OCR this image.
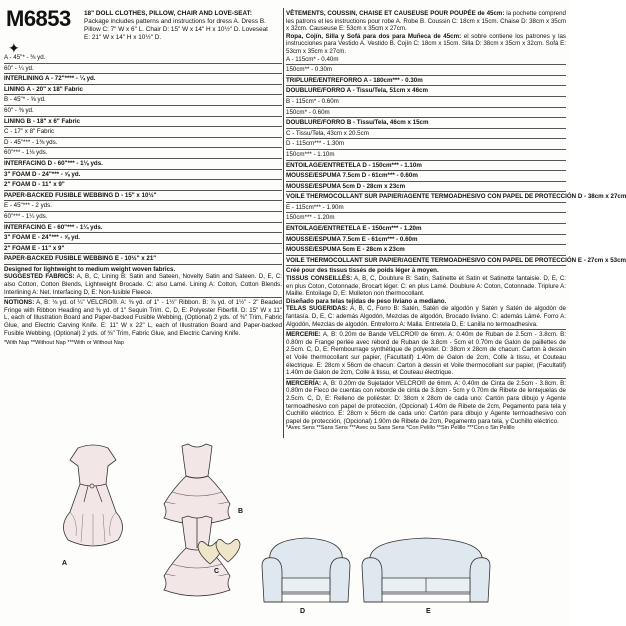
M6853
✦
18" DOLL CLOTHES, PILLOW, CHAIR AND LOVE-SEAT: Package includes patterns and instructions for dress A. Dress B. Pillow C: 7" W x 6" L. Chair D: 15" W x 14" H x 10½" D. Loveseat E: 21" W x 14" H x 10½" D.
A - 45"* - ⅜ yd.
60" - ¼ yd.
INTERLINING A - 72"**** - ¼ yd.
LINING A - 20" x 18" Fabric
B - 45"* - ⅝ yd.
60" - ⅜ yd.
LINING B - 18" x 6" Fabric
C - 17" x 8" Fabric
D - 45"*** - 1⅜ yds.
60"*** - 1⅛ yds.
INTERFACING D - 60"*** - 1⅛ yds.
3" FOAM D - 24"*** - ⅝ yd.
2" FOAM D - 11" x 9"
PAPER-BACKED FUSIBLE WEBBING D - 15" x 10½"
E - 45"*** - 2 yds.
60"*** - 1¼ yds.
INTERFACING E - 60"*** - 1¼ yds.
3" FOAM E - 24"*** - ⅝ yd.
2" FOAM E - 11" x 9"
PAPER-BACKED FUSIBLE WEBBING E - 10½" x 21"

Designed for lightweight to medium weight woven fabrics.

SUGGESTED FABRICS: A, B, C, Lining B: Satin and Sateen, Novelty Satin and Sateen. D, E, C: also Cotton, Cotton Blends, Lightweight Brocade. C: also Lamé. Lining A: Cotton, Cotton Blends. Interlining A: Net. Interfacing D, E: Non-fusible Fleece.

NOTIONS: A, B: ⅛ yd. of ¼" VELCRO®. A: ⅜ yd. of 1" - 1½" Ribbon. B: ⅞ yd. of 1½" - 2" Beaded Fringe with Ribbon Heading and ⅜ yd. of 1" Sequin Trim. C, D, E: Polyester Fiberfill. D: 15" W x 11" L, each of Illustration Board and Paper-backed Fusible Webbing, (Optional) 2 yds. of ⅜" Trim, Fabric Glue, and Electric Carving Knife. E: 11" W x 22" L, each of Illustration Board and Paper-backed Fusible Webbing, (Optional) 2 yds. of ⅜" Trim, Fabric Glue, and Electric Carving Knife.

*With Nap **Without Nap ***With or Without Nap

VÊTEMENTS, COUSSIN, CHAISE ET CAUSEUSE POUR POUPÉE de 45cm: la pochette comprend les patrons et les instructions pour robe A. Robe B. Coussin C: 18cm x 15cm. Chaise D: 38cm x 35cm x 32cm. Causeuse E: 53cm x 35cm x 27cm.

Ropa, Cojín, Silla y Sofá para dos para Muñeca de 45cm: el sobre contiene los patrones y las instrucciones para Vestido A. Vestido B. Cojín C: 18cm x 15cm. Silla D: 38cm x 35cm x 32cm. Sofá E: 53cm x 35cm x 27cm.

A - 115cm* - 0.40m
150cm** - 0.30m
TRIPLURE/ENTREFORRO A - 180cm*** - 0.30m
DOUBLURE/FORRO A - Tissu/Tela, 51cm x 46cm
B - 115cm* - 0.60m
150cm* - 0.60m
DOUBLURE/FORRO B - Tissu/Tela, 46cm x 15cm
C - Tissu/Tela, 43cm x 20.5cm
D - 115cm*** - 1.30m
150cm*** - 1.10m
ENTOILAGE/ENTRETELA D - 150cm*** - 1.10m
MOUSSE/ESPUMA 7.5cm D - 61cm*** - 0.60m
MOUSSE/ESPUMA 5cm D - 28cm x 23cm
VOILE THERMOCOLLANT SUR PAPIER/AGENTE TERMOADHESIVO CON PAPEL DE PROTECCIÓN D - 38cm x 27cm
E - 115cm*** - 1.90m
150cm*** - 1.20m
ENTOILAGE/ENTRETELA E - 150cm*** - 1.20m
MOUSSE/ESPUMA 7.5cm E - 61cm*** - 0.60m
MOUSSE/ESPUMA 5cm E - 28cm x 23cm
VOILE THERMOCOLLANT SUR PAPIER/AGENTE TERMOADHESIVO CON PAPEL DE PROTECCIÓN E - 27cm x 53cm

Créé pour des tissus tissés de poids léger à moyen.

TISSUS CONSEILLÉS: A, B, C, Doublure B: Satin, Satinette et Satin et Satinette fantaisie. D, E, C: en plus Coton, Cotonnade, Brocart léger. C: en plus Lamé. Doublure A: Coton, Cotonnade. Triplure A: Maille. Entoilage D, E: Molleton non thermocollant.

Diseñado para telas tejidas de peso liviano a mediano.

TELAS SUGERIDAS: A, B, C, Forro B: Satén, Satén de algodón y Satén y Satén de algodón de fantasía. D, E, C: además Algodón, Mezclas de algodón, Brocado liviano. C: además Lámé. Forro A: Algodón, Mezclas de algodón. Entreforro A: Malla. Entretela D, E: Lanilla no termoadhesiva.

MERCERIE: A, B: 0.20m de Bande VELCRO® de 6mm. A: 0.40m de Ruban de 2.5cm - 3.8cm. B: 0.80m de Frange perlée avec rebord de Ruban de 3.8cm - 5cm et 0.70m de Galon de paillettes de 2.5cm. C, D, E: Rembourrage synthétique de polyester. D: 38cm x 28cm de chacun: Carton à dessin et Voile thermocollant sur papier, (Facultatif) 1.40m de Galon de 2cm, Colle à tissu, et Couteau électrique. E: 28cm x 56cm de chacun: Carton à dessin et Voile thermocollant sur papier, (Facultatif) 1.40m de Galon de 2cm, Colle à tissu, et Couteau électrique.

MERCERÍA: A, B: 0.20m de Sujetador VELCRO® de 6mm. A: 0.40m de Cinta de 2.5cm - 3.8cm. B: 0.80m de Fleco de cuentas con reborde de cinta de 3.8cm - 5cm y 0.70m de Ribete de lentejuelas de 2.5cm. C, D, E: Relleno de poliéster. D: 38cm x 28cm de cada uno: Cartón para dibujo y Agente termoadhesivo con papel de protección, (Opcional) 1.40m de Ribete de 2cm, Pegamento para tela y Cuchillo eléctrico. E: 28cm x 56cm de cada uno: Cartón para dibujo y Agente termoadhesivo con papel de protección, (Opcional) 1.90m de Ribete de 2cm, Pegamento para tela, y Cuchillo eléctrico.

*Avec Sens **Sans Sens ***Avec ou Sans Sens *Con Pelillo **Sin Pelillo ***Con o Sin Pelillo

A
B
C
D	E
